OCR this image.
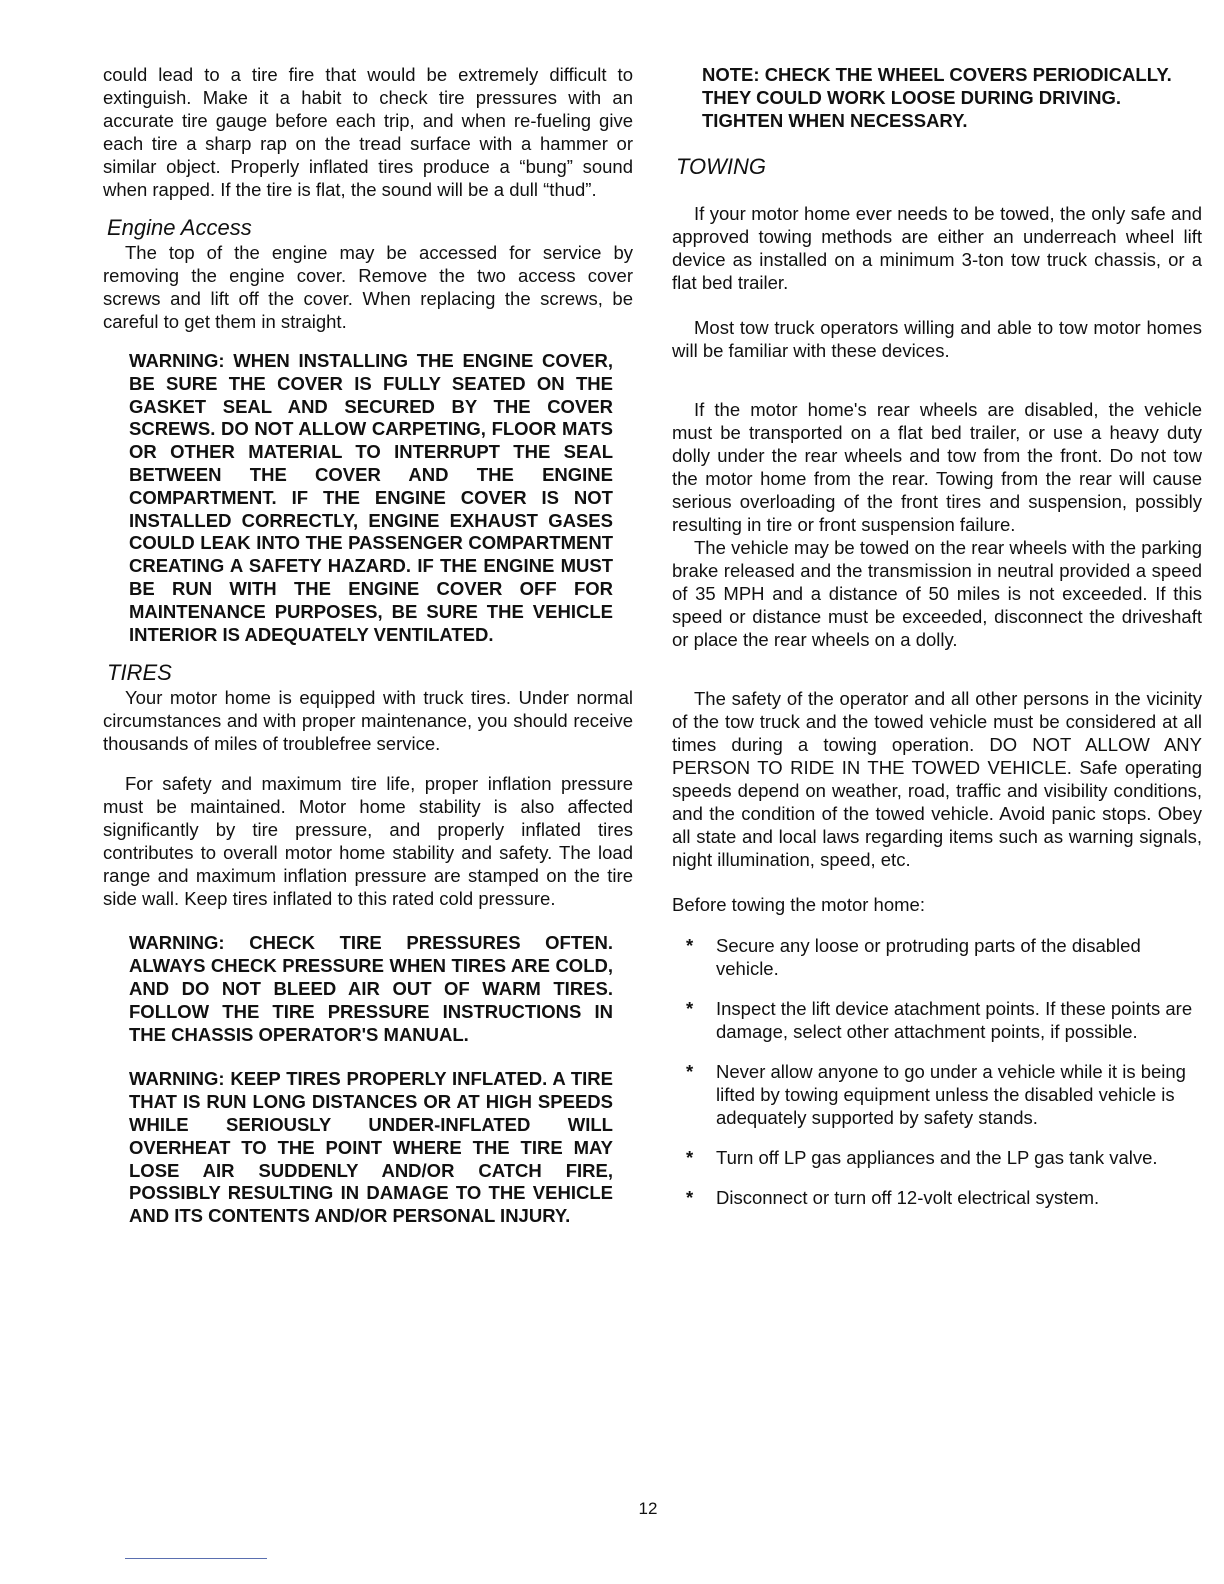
could lead to a tire fire that would be extremely difficult to extinguish. Make it a habit to check tire pressures with an accurate tire gauge before each trip, and when re-fueling give each tire a sharp rap on the tread surface with a hammer or similar object. Properly inflated tires produce a “bung” sound when rapped. If the tire is flat, the sound will be a dull “thud”.

Engine Access

The top of the engine may be accessed for service by removing the engine cover. Remove the two access cover screws and lift off the cover. When replacing the screws, be careful to get them in straight.

WARNING: WHEN INSTALLING THE ENGINE COVER, BE SURE THE COVER IS FULLY SEATED ON THE GASKET SEAL AND SECURED BY THE COVER SCREWS. DO NOT ALLOW CARPETING, FLOOR MATS OR OTHER MATERIAL TO INTERRUPT THE SEAL BETWEEN THE COVER AND THE ENGINE COMPARTMENT. IF THE ENGINE COVER IS NOT INSTALLED CORRECTLY, ENGINE EXHAUST GASES COULD LEAK INTO THE PASSENGER COMPARTMENT CREATING A SAFETY HAZARD. IF THE ENGINE MUST BE RUN WITH THE ENGINE COVER OFF FOR MAINTENANCE PURPOSES, BE SURE THE VEHICLE INTERIOR IS ADEQUATELY VENTILATED.

TIRES

Your motor home is equipped with truck tires. Under normal circumstances and with proper maintenance, you should receive thousands of miles of troublefree service.

For safety and maximum tire life, proper inflation pressure must be maintained. Motor home stability is also affected significantly by tire pressure, and properly inflated tires contributes to overall motor home stability and safety. The load range and maximum inflation pressure are stamped on the tire side wall. Keep tires inflated to this rated cold pressure.

WARNING: CHECK TIRE PRESSURES OFTEN. ALWAYS CHECK PRESSURE WHEN TIRES ARE COLD, AND DO NOT BLEED AIR OUT OF WARM TIRES. FOLLOW THE TIRE PRESSURE INSTRUCTIONS IN THE CHASSIS OPERATOR'S MANUAL.

WARNING: KEEP TIRES PROPERLY INFLATED. A TIRE THAT IS RUN LONG DISTANCES OR AT HIGH SPEEDS WHILE SERIOUSLY UNDER-INFLATED WILL OVERHEAT TO THE POINT WHERE THE TIRE MAY LOSE AIR SUDDENLY AND/OR CATCH FIRE, POSSIBLY RESULTING IN DAMAGE TO THE VEHICLE AND ITS CONTENTS AND/OR PERSONAL INJURY.

NOTE: CHECK THE WHEEL COVERS PERIODICALLY. THEY COULD WORK LOOSE DURING DRIVING. TIGHTEN WHEN NECESSARY.

TOWING

If your motor home ever needs to be towed, the only safe and approved towing methods are either an underreach wheel lift device as installed on a minimum 3-ton tow truck chassis, or a flat bed trailer.

Most tow truck operators willing and able to tow motor homes will be familiar with these devices.

If the motor home's rear wheels are disabled, the vehicle must be transported on a flat bed trailer, or use a heavy duty dolly under the rear wheels and tow from the front. Do not tow the motor home from the rear. Towing from the rear will cause serious overloading of the front tires and suspension, possibly resulting in tire or front suspension failure.

The vehicle may be towed on the rear wheels with the parking brake released and the transmission in neutral provided a speed of 35 MPH and a distance of 50 miles is not exceeded. If this speed or distance must be exceeded, disconnect the driveshaft or place the rear wheels on a dolly.

The safety of the operator and all other persons in the vicinity of the tow truck and the towed vehicle must be considered at all times during a towing operation. DO NOT ALLOW ANY PERSON TO RIDE IN THE TOWED VEHICLE. Safe operating speeds depend on weather, road, traffic and visibility conditions, and the condition of the towed vehicle. Avoid panic stops. Obey all state and local laws regarding items such as warning signals, night illumination, speed, etc.

Before towing the motor home:

*	Secure any loose or protruding parts of the disabled vehicle.
*	Inspect the lift device atachment points. If these points are damage, select other attachment points, if possible.
*	Never allow anyone to go under a vehicle while it is being lifted by towing equipment unless the disabled vehicle is adequately supported by safety stands.
*	Turn off LP gas appliances and the LP gas tank valve.
*	Disconnect or turn off 12-volt electrical system.
12
